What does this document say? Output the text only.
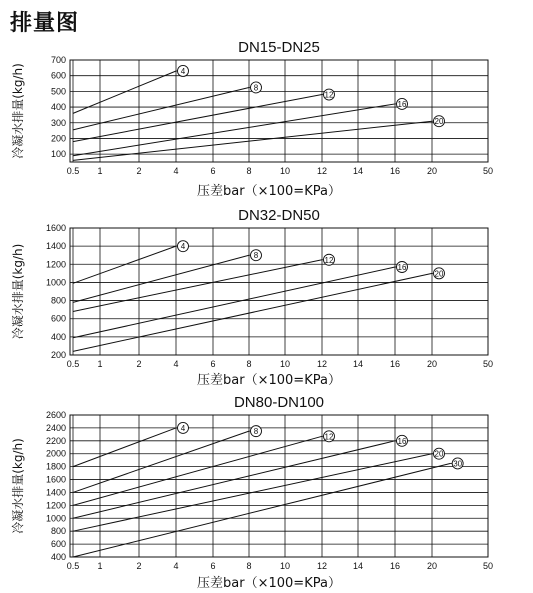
排量图
DN15-DN25
100
200
300
400
500
600
700
0.5 1	2	4	6	8	10	12	14	16	20	50
4
8
12
16
20
冷凝水排量(kg/h)
压差bar（×100=KPa）
DN32-DN50
200
400
600
800
1000
1200
1400
1600
0.5 1	2	4	6	8	10	12	14	16	20	50
4
8
12
16
20
冷凝水排量(kg/h)
压差bar（×100=KPa）
DN80-DN100
400
600
800
1000
1200
1400
1600
1800
2000
2200
2400
2600
0.5 1	2	4	6	8	10	12	14	16	20	50
4	8
12
16
20
30
冷凝水排量(kg/h)
压差bar（×100=KPa）
